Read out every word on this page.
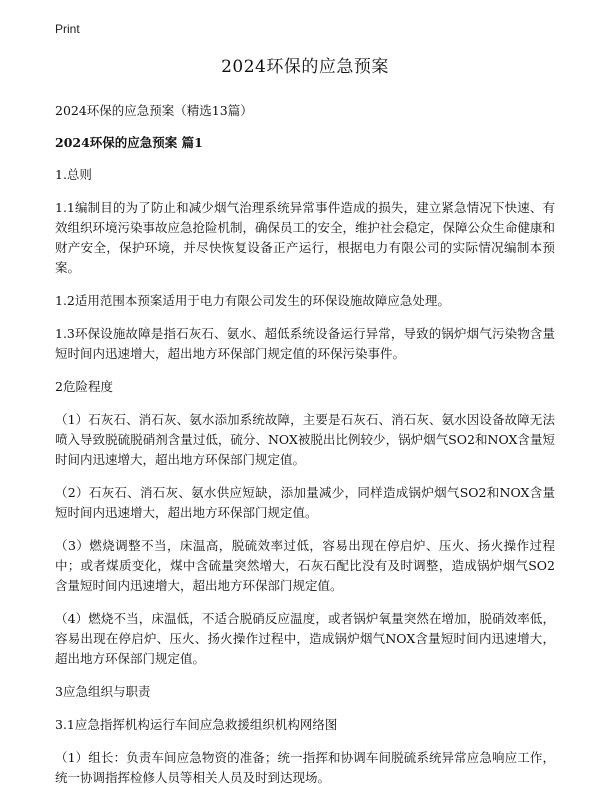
Print
2024环保的应急预案

2024环保的应急预案（精选13篇）

2024环保的应急预案 篇1

1.总则

1.1编制目的为了防止和减少烟气治理系统异常事件造成的损失，建立紧急情况下快速、有效组织环境污染事故应急抢险机制，确保员工的安全，维护社会稳定，保障公众生命健康和财产安全，保护环境，并尽快恢复设备正产运行，根据电力有限公司的实际情况编制本预案。

1.2适用范围本预案适用于电力有限公司发生的环保设施故障应急处理。

1.3环保设施故障是指石灰石、氨水、超低系统设备运行异常，导致的锅炉烟气污染物含量短时间内迅速增大，超出地方环保部门规定值的环保污染事件。

2危险程度

（1）石灰石、消石灰、氨水添加系统故障，主要是石灰石、消石灰、氨水因设备故障无法喷入导致脱硫脱硝剂含量过低，硫分、NOX被脱出比例较少，锅炉烟气SO2和NOX含量短时间内迅速增大，超出地方环保部门规定值。

（2）石灰石、消石灰、氨水供应短缺，添加量减少，同样造成锅炉烟气SO2和NOX含量短时间内迅速增大，超出地方环保部门规定值。

（3）燃烧调整不当，床温高，脱硫效率过低，容易出现在停启炉、压火、扬火操作过程中；或者煤质变化，煤中含硫量突然增大，石灰石配比没有及时调整，造成锅炉烟气SO2含量短时间内迅速增大，超出地方环保部门规定值。

（4）燃烧不当，床温低，不适合脱硝反应温度，或者锅炉氧量突然在增加，脱硝效率低，容易出现在停启炉、压火、扬火操作过程中，造成锅炉烟气NOX含量短时间内迅速增大，超出地方环保部门规定值。

3应急组织与职责

3.1应急指挥机构运行车间应急救援组织机构网络图

（1）组长：负责车间应急物资的准备；统一指挥和协调车间脱硫系统异常应急响应工作，统一协调指挥检修人员等相关人员及时到达现场。
